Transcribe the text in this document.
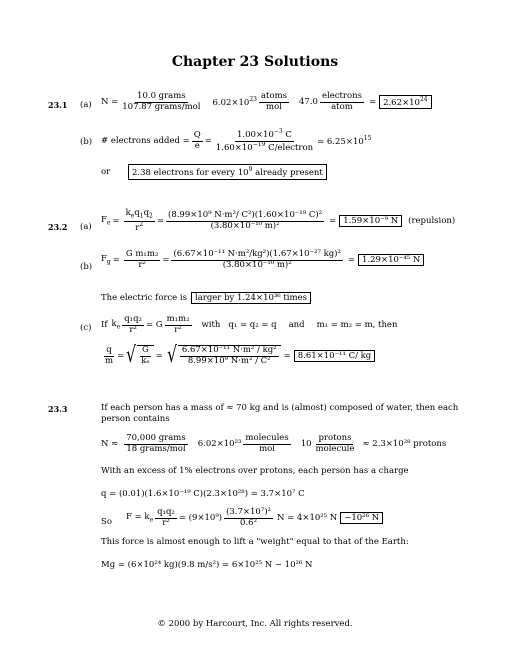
Chapter 23 Solutions
23.1 (a) $N = \frac{\text{10.0 grams}}{\text{107.87 grams/mol}} 6.02\times 10^{23} \frac{\text{atoms}}{\text{mol}} 47.0 \frac{\text{electrons}}{\text{atom}} = 2.62\times 10^{24}$
(b) # electrons added = $\frac{Q}{e} = \frac{1.00\times 10^{-3} C}{1.60\times 10^{-19} C/electron} = 6.25\times 10^{15}$
or	2.38 electrons for every $10^9$ already present
23.2 (a)
$F_e = \frac{k_eq_1q_2}{r^2} = \frac{\text{(8.99×10⁹ N·m²/ C²)(1.60×10⁻¹⁹ C)²}}{\text{(3.80×10⁻¹⁰ m)²}} = 1.59\times 10^{-9}$ N	(repulsion)
(b)
$F_g = \frac{\text{G m₁m₂}}{\text{r²}} = \frac{\text{(6.67×10⁻¹¹ N·m²/kg²)(1.67×10⁻²⁷ kg)²}}{\text{(3.80×10⁻¹⁰ m)²}} = 1.29\times 10^{-45}$ N
The electric force is larger by 1.24×10³⁶ times
(c) If $k_e \frac{\text{q₁q₂}}{\text{r²}} = G \frac{\text{m₁m₂}}{\text{r²}}$ with q₁ = q₂ = q and m₁ = m₂ = m, then
$\frac{q}{m}$ = √ $\frac{G}{\text{kₑ}}$ = √ $\frac{\text{6.67×10⁻¹¹ N·m² / kg²}}{\text{8.99×10⁹ N·m² / C²}} = 8.61\times 10^{-11}$ C/ kg
23.3	If each person has a mass of ≈ 70 kg and is (almost) composed of water, then each person contains
$N \approx \frac{\text{70,000 grams}}{\text{18 grams/mol}} 6.02\times 10^{23} \frac{\text{molecules}}{\text{mol}} 10 \frac{\text{protons}}{\text{molecule}} \approx 2.3\times 10^{28}$ protons
With an excess of 1% electrons over protons, each person has a charge
q = (0.01)(1.6×10⁻¹⁹ C)(2.3×10²⁸) = 3.7×10⁷ C
So $F = k_e \frac{\text{q₁q₂}}{\text{r²}} = (9\times 10^9) \frac{\text{(3.7×10⁷)²}}{\text{0.6²}}$ N = 4×10²⁵ N ~10²⁶ N
This force is almost enough to lift a "weight" equal to that of the Earth:
Mg = (6×10²⁴ kg)(9.8 m/s²) = 6×10²⁵ N ~ 10²⁶ N
© 2000 by Harcourt, Inc. All rights reserved.
